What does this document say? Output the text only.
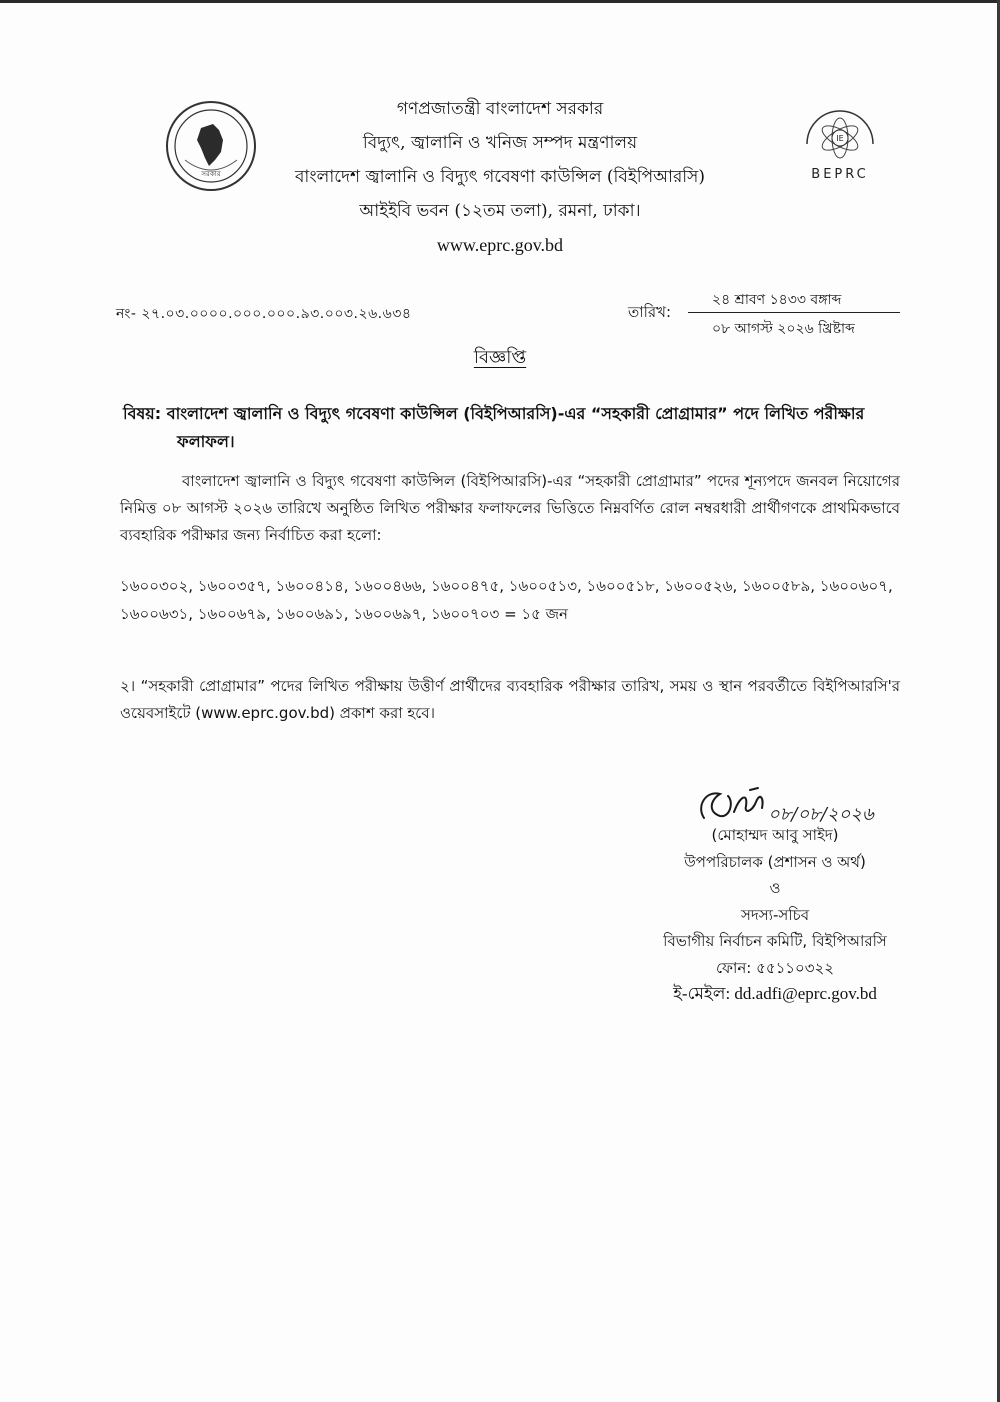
সরকার
IE
BEPRC
গণপ্রজাতন্ত্রী বাংলাদেশ সরকার
বিদ্যুৎ, জ্বালানি ও খনিজ সম্পদ মন্ত্রণালয়
বাংলাদেশ জ্বালানি ও বিদ্যুৎ গবেষণা কাউন্সিল (বিইপিআরসি)
আইইবি ভবন (১২তম তলা), রমনা, ঢাকা।
www.eprc.gov.bd
নং- ২৭.০৩.০০০০.০০০.০০০.৯৩.০০৩.২৬.৬৩৪	তারিখ:
২৪ শ্রাবণ ১৪৩৩ বঙ্গাব্দ
০৮ আগস্ট ২০২৬ খ্রিষ্টাব্দ
বিজ্ঞপ্তি
বিষয়: বাংলাদেশ জ্বালানি ও বিদ্যুৎ গবেষণা কাউন্সিল (বিইপিআরসি)-এর “সহকারী প্রোগ্রামার” পদে লিখিত পরীক্ষার
ফলাফল।
বাংলাদেশ জ্বালানি ও বিদ্যুৎ গবেষণা কাউন্সিল (বিইপিআরসি)-এর “সহকারী প্রোগ্রামার” পদের শূন্যপদে জনবল নিয়োগের নিমিত্ত ০৮ আগস্ট ২০২৬ তারিখে অনুষ্ঠিত লিখিত পরীক্ষার ফলাফলের ভিত্তিতে নিম্নবর্ণিত রোল নম্বরধারী প্রার্থীগণকে প্রাথমিকভাবে ব্যবহারিক পরীক্ষার জন্য নির্বাচিত করা হলো:
১৬০০৩০২, ১৬০০৩৫৭, ১৬০০৪১৪, ১৬০০৪৬৬, ১৬০০৪৭৫, ১৬০০৫১৩, ১৬০০৫১৮, ১৬০০৫২৬, ১৬০০৫৮৯, ১৬০০৬০৭,
১৬০০৬৩১, ১৬০০৬৭৯, ১৬০০৬৯১, ১৬০০৬৯৭, ১৬০০৭০৩ = ১৫ জন
২। “সহকারী প্রোগ্রামার” পদের লিখিত পরীক্ষায় উত্তীর্ণ প্রার্থীদের ব্যবহারিক পরীক্ষার তারিখ, সময় ও স্থান পরবর্তীতে বিইপিআরসি'র ওয়েবসাইটে (www.eprc.gov.bd) প্রকাশ করা হবে।
০৮/০৮/২০২৬
(মোহাম্মদ আবু সাইদ)
উপপরিচালক (প্রশাসন ও অর্থ)
ও
সদস্য-সচিব
বিভাগীয় নির্বাচন কমিটি, বিইপিআরসি
ফোন: ৫৫১১০৩২২
ই-মেইল: dd.adfi@eprc.gov.bd
